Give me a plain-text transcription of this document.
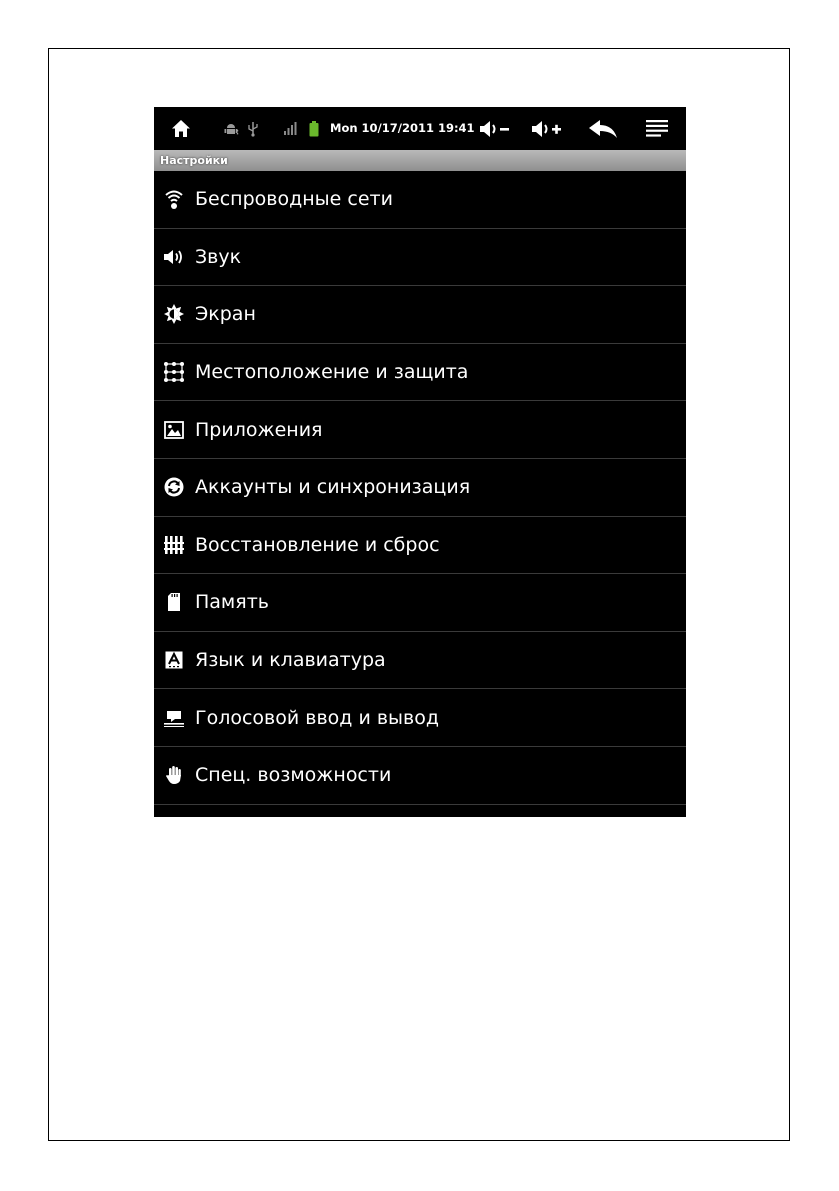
Mon 10/17/2011 19:41
Настройки
Беспроводные сети
Звук
Экран
Местоположение и защита
Приложения
Аккаунты и синхронизация
Восстановление и сброс
Память
Язык и клавиатура
Голосовой ввод и вывод
Спец. возможности
